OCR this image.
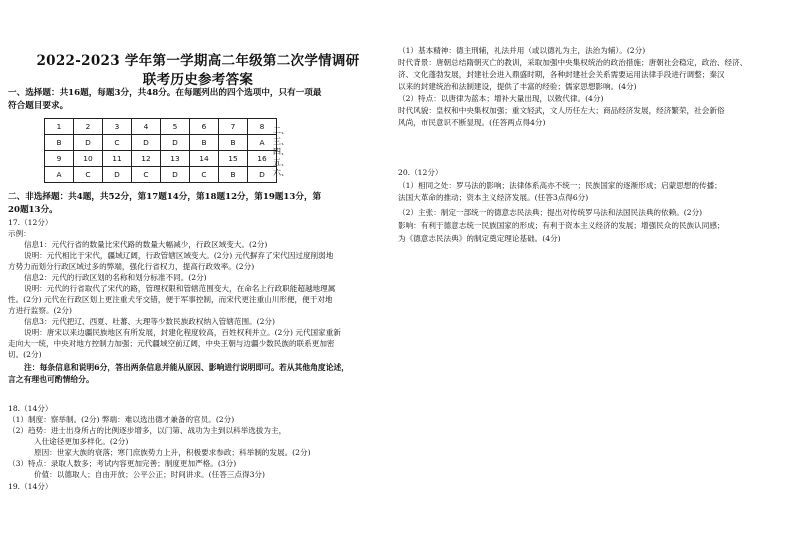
2022-2023 学年第一学期高二年级第二次学情调研
联考历史参考答案
一、选择题：共16题，每题3分，共48分。在每题列出的四个选项中，只有一项最
符合题目要求。
1	2	3	4	5	6	7	8
B	D	C	D	D	B	B	A
9	10	11	12	13	14	15	16
A	C	D	C	D	C	B	D
二、
三、
四、
五、
六、
二、非选择题：共4题，共52分，第17题14分，第18题12分，第19题13分，第
20题13分。
17.（12分）
示例：
信息1：元代行省的数量比宋代路的数量大幅减少，行政区域变大。(2分)
说明：元代相比于宋代，疆域辽阔，行政管辖区域变大。(2分) 元代摒弃了宋代因过度削弱地
方势力而划分行政区域过多的弊端，强化行省权力，提高行政效率。(2分)
信息2：元代的行政区划的名称和划分标准不同。(2分)
说明：元代的行省取代了宋代的路，管理权限和管辖范围变大，在命名上行政职能超越地理属
性。(2分) 元代在行政区划上更注重犬牙交错，便于军事控制，而宋代更注重山川形便，便于对地
方进行监察。(2分)
信息3：元代把辽、西夏、吐蕃、大理等少数民族政权纳入管辖范围。(2分)
说明：唐宋以来边疆民族地区有所发展，封建化程度较高，百姓权利并立。(2分) 元代国家重新
走向大一统，中央对地方控制力加强；元代疆域空前辽阔，中央王朝与边疆少数民族的联系更加密
切。(2分)
注：每条信息和说明6分，答出两条信息并能从原因、影响进行说明即可。若从其他角度论述，
言之有理也可酌情给分。
18.（14分）
（1）制度：察举制。(2分) 弊端：难以选出德才兼备的官员。(2分)
（2）趋势：进士出身所占的比例逐步增多，以门第、战功为主到以科举选拔为主，
入仕途径更加多样化。(2分)
原因：世家大族的衰落；寒门庶族势力上升，积极要求参政；科举制的发展。(2分)
（3）特点：录取人数多；考试内容更加完善；制度更加严格。(3分)
价值：以德取人；自由开放；公平公正；时间讲求。(任答三点得3分)
19.（14分）
（1）基本精神：德主刑辅，礼法并用（或以德礼为主，法治为辅）。(2分)
时代背景：唐朝总结隋朝灭亡的教训，采取加强中央集权统治的政治措施；唐朝社会稳定，政治、经济、
济、文化蓬勃发展，封建社会进入鼎盛时期，各种封建社会关系需要运用法律手段进行调整；秦汉
以来的封建统治和法制建设，提供了丰富的经验；儒家思想影响。(4分)
（2）特点：以唐律为蓝本；增补大量出现，以敕代律。(4分)
时代风貌：皇权和中央集权加强；重文轻武，文人历任左大；商品经济发展，经济繁荣，社会新俗
风尚，市民意识不断显现。(任答两点得4分)
20.（12分）
（1）相同之处：罗马法的影响；法律体系高亦不统一；民族国家的逐渐形成；启蒙思想的传播；
法国大革命的推动；资本主义经济发展。(任答3点得6分)
（2）主张：制定一部统一的德意志民法典；提出对传统罗马法和法国民法典的依赖。(2分)
影响：有利于德意志统一民族国家的形成；有利于资本主义经济的发展；增强民众的民族认同感；
为《德意志民法典》的制定奠定理论基础。(4分)
